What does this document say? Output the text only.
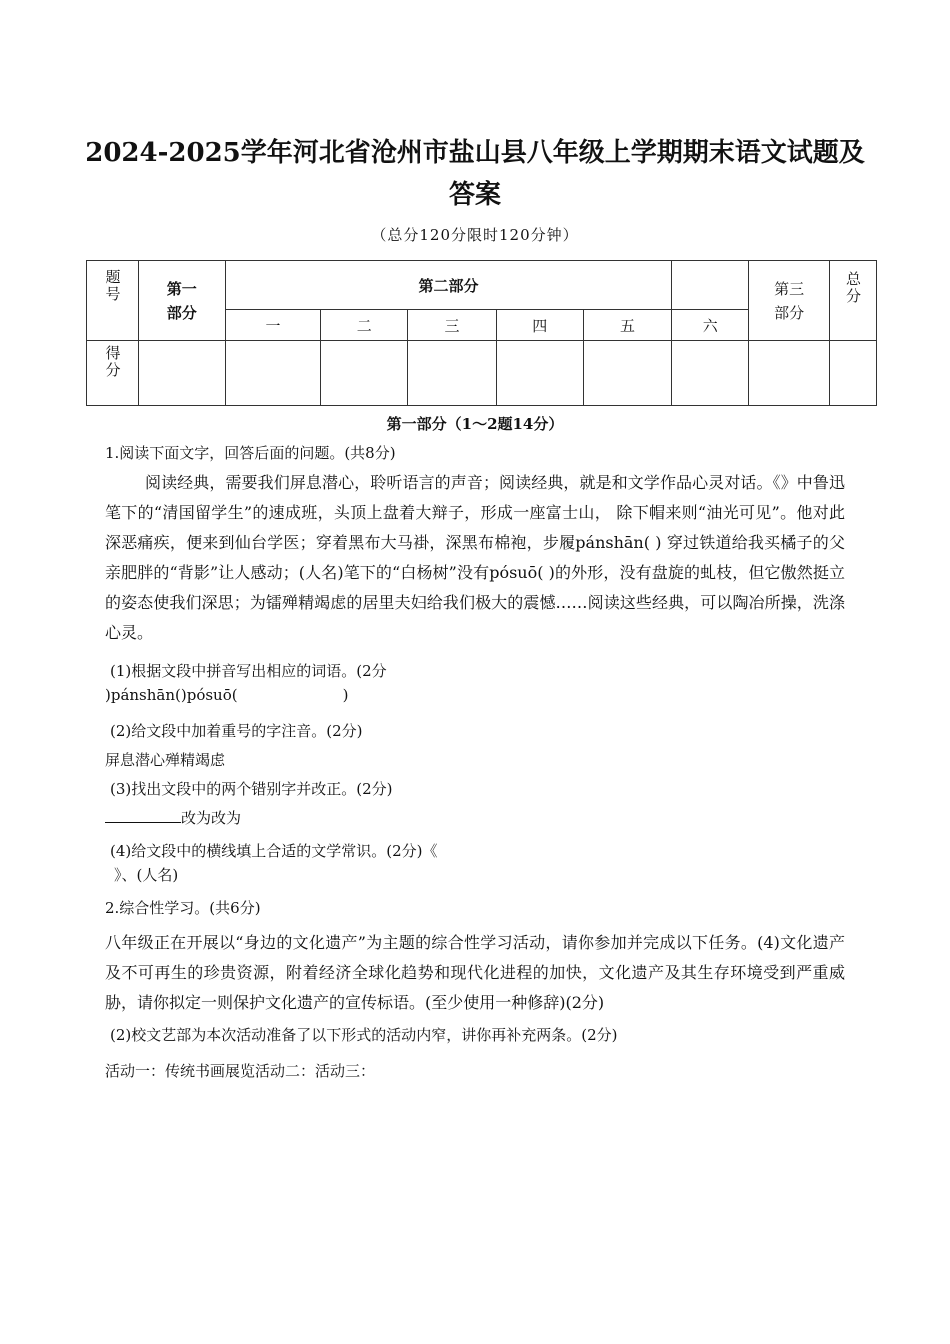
2024-2025学年河北省沧州市盐山县八年级上学期期末语文试题及答案
（总分120分限时120分钟）
题号	第一部分	第二部分						第三部分	总分

		一	二	三	四	五	六		

得分									

第一部分（1～2题14分）
1.阅读下面文字，回答后面的问题。(共8分)
阅读经典，需要我们屏息潜心，聆听语言的声音；阅读经典，就是和文学作品心灵对话。《》中鲁迅笔下的“清国留学生”的速成班，头顶上盘着大辩子，形成一座富士山， 除下帽来则“油光可见”。他对此深恶痛疾，便来到仙台学医；穿着黑布大马褂，深黑布棉袍，步履pánshān( ) 穿过铁道给我买橘子的父亲肥胖的“背影”让人感动；(人名)笔下的“白杨树”没有pósuō( )的外形，没有盘旋的虬枝，但它傲然挺立的姿态使我们深思；为镭殚精竭虑的居里夫妇给我们极大的震憾……阅读这些经典，可以陶冶所操，洗涤心灵。
(1)根据文段中拼音写出相应的词语。(2分
)pánshān()pósuō(　　　　　　　)
(2)给文段中加着重号的字注音。(2分)
屏息潜心殚精竭虑
(3)找出文段中的两个错别字并改正。(2分)
改为改为
(4)给文段中的横线填上合适的文学常识。(2分)《
》、(人名)
2.综合性学习。(共6分)
八年级正在开展以“身边的文化遗产”为主题的综合性学习活动，请你参加并完成以下任务。(4)文化遗产及不可再生的珍贵资源，附着经济全球化趋势和现代化进程的加快，文化遗产及其生存环境受到严重威胁，请你拟定一则保护文化遗产的宣传标语。(至少使用一种修辞)(2分)
(2)校文艺部为本次活动准备了以下形式的活动内窄，讲你再补充两条。(2分)
活动一：传统书画展览活动二：活动三：
